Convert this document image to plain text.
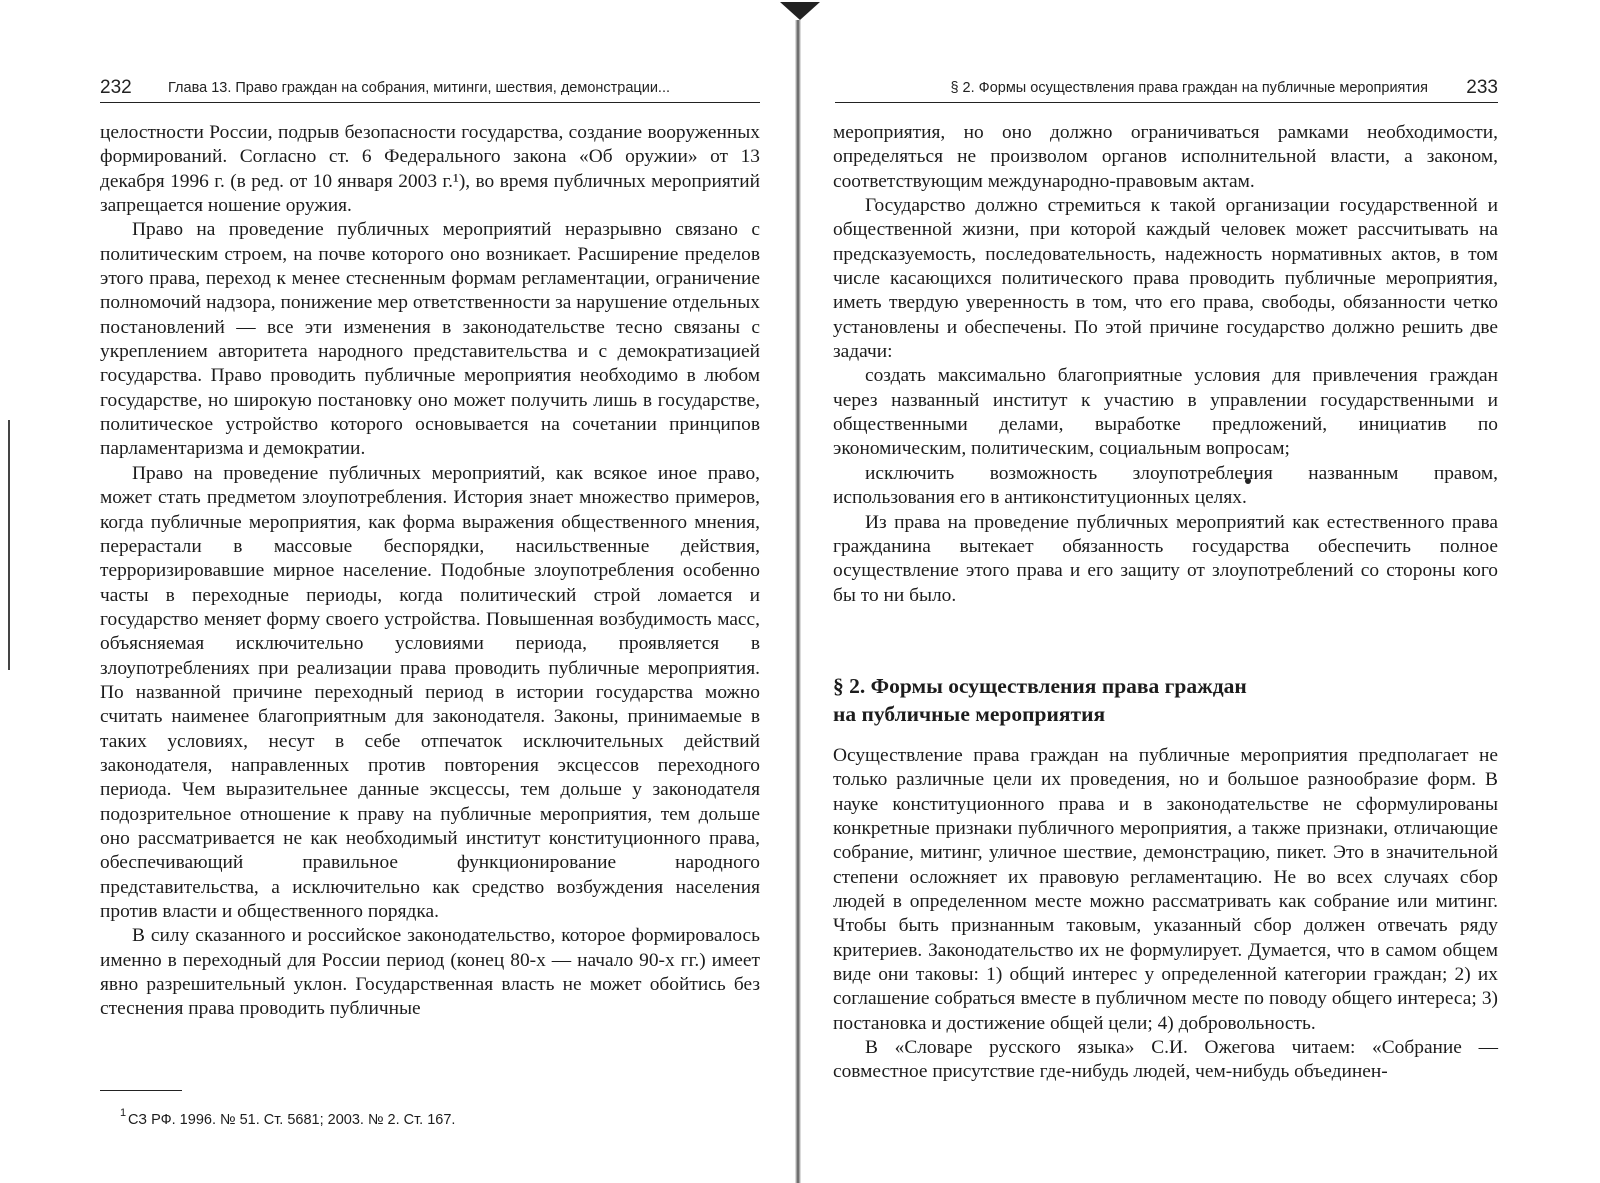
232	Глава 13. Право граждан на собрания, митинги, шествия, демонстрации...

целостности России, подрыв безопасности государства, создание вооруженных формирований. Согласно ст. 6 Федерального закона «Об оружии» от 13 декабря 1996 г. (в ред. от 10 января 2003 г.¹), во время публичных мероприятий запрещается ношение оружия.

Право на проведение публичных мероприятий неразрывно связано с политическим строем, на почве которого оно возникает. Расширение пределов этого права, переход к менее стесненным формам регламентации, ограничение полномочий надзора, понижение мер ответственности за нарушение отдельных постановлений — все эти изменения в законодательстве тесно связаны с укреплением авторитета народного представительства и с демократизацией государства. Право проводить публичные мероприятия необходимо в любом государстве, но широкую постановку оно может получить лишь в государстве, политическое устройство которого основывается на сочетании принципов парламентаризма и демократии.

Право на проведение публичных мероприятий, как всякое иное право, может стать предметом злоупотребления. История знает множество примеров, когда публичные мероприятия, как форма выражения общественного мнения, перерастали в массовые беспорядки, насильственные действия, терроризировавшие мирное население. Подобные злоупотребления особенно часты в переходные периоды, когда политический строй ломается и государство меняет форму своего устройства. Повышенная возбудимость масс, объясняемая исключительно условиями периода, проявляется в злоупотреблениях при реализации права проводить публичные мероприятия. По названной причине переходный период в истории государства можно считать наименее благоприятным для законодателя. Законы, принимаемые в таких условиях, несут в себе отпечаток исключительных действий законодателя, направленных против повторения эксцессов переходного периода. Чем выразительнее данные эксцессы, тем дольше у законодателя подозрительное отношение к праву на публичные мероприятия, тем дольше оно рассматривается не как необходимый институт конституционного права, обеспечивающий правильное функционирование народного представительства, а исключительно как средство возбуждения населения против власти и общественного порядка.

В силу сказанного и российское законодательство, которое формировалось именно в переходный для России период (конец 80-х — начало 90-х гг.) имеет явно разрешительный уклон. Государственная власть не может обойтись без стеснения права проводить публичные

1 СЗ РФ. 1996. № 51. Ст. 5681; 2003. № 2. Ст. 167.
§ 2. Формы осуществления права граждан на публичные мероприятия 233

мероприятия, но оно должно ограничиваться рамками необходимости, определяться не произволом органов исполнительной власти, а законом, соответствующим международно-правовым актам.

Государство должно стремиться к такой организации государственной и общественной жизни, при которой каждый человек может рассчитывать на предсказуемость, последовательность, надежность нормативных актов, в том числе касающихся политического права проводить публичные мероприятия, иметь твердую уверенность в том, что его права, свободы, обязанности четко установлены и обеспечены. По этой причине государство должно решить две задачи:

создать максимально благоприятные условия для привлечения граждан через названный институт к участию в управлении государственными и общественными делами, выработке предложений, инициатив по экономическим, политическим, социальным вопросам;

исключить возможность злоупотребления названным правом, использования его в антиконституционных целях.

Из права на проведение публичных мероприятий как естественного права гражданина вытекает обязанность государства обеспечить полное осуществление этого права и его защиту от злоупотреблений со стороны кого бы то ни было.

§ 2. Формы осуществления права граждан
на публичные мероприятия

Осуществление права граждан на публичные мероприятия предполагает не только различные цели их проведения, но и большое разнообразие форм. В науке конституционного права и в законодательстве не сформулированы конкретные признаки публичного мероприятия, а также признаки, отличающие собрание, митинг, уличное шествие, демонстрацию, пикет. Это в значительной степени осложняет их правовую регламентацию. Не во всех случаях сбор людей в определенном месте можно рассматривать как собрание или митинг. Чтобы быть признанным таковым, указанный сбор должен отвечать ряду критериев. Законодательство их не формулирует. Думается, что в самом общем виде они таковы: 1) общий интерес у определенной категории граждан; 2) их соглашение собраться вместе в публичном месте по поводу общего интереса; 3) постановка и достижение общей цели; 4) добровольность.

В «Словаре русского языка» С.И. Ожегова читаем: «Собрание — совместное присутствие где-нибудь людей, чем-нибудь объединен-
